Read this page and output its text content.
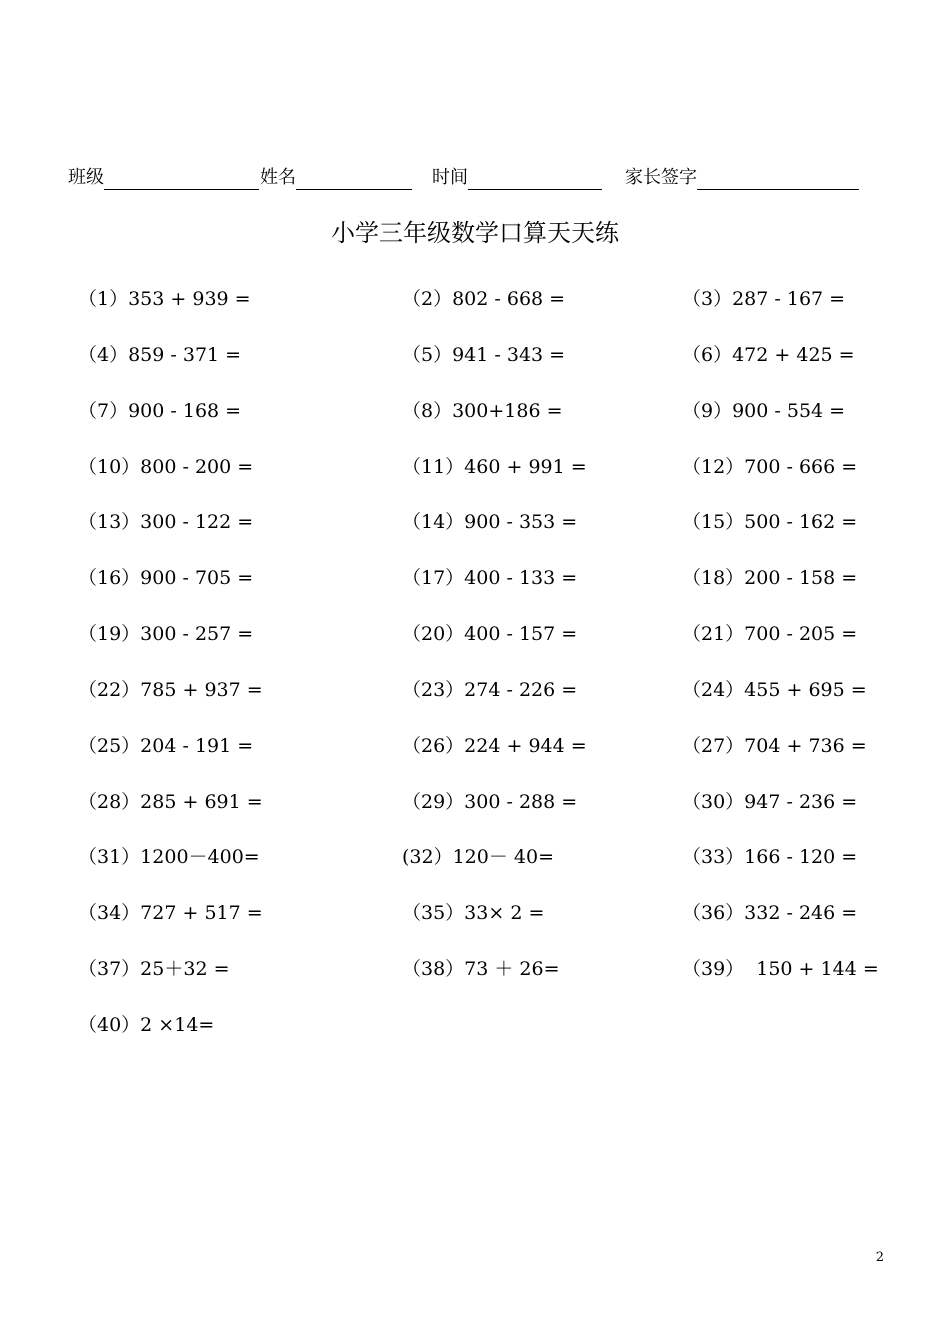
班级	姓名	时间	家长签字
小学三年级数学口算天天练
（1）353 + 939 =	（2）802 - 668 =	（3）287 - 167 =
（4）859 - 371 =	（5）941 - 343 =	（6）472 + 425 =
（7）900 - 168 =	（8）300+186 =	（9）900 - 554 =
（10）800 - 200 =	（11）460 + 991 =	（12）700 - 666 =
（13）300 - 122 =	（14）900 - 353 =	（15）500 - 162 =
（16）900 - 705 =	（17）400 - 133 =	（18）200 - 158 =
（19）300 - 257 =	（20）400 - 157 =	（21）700 - 205 =
（22）785 + 937 =	（23）274 - 226 =	（24）455 + 695 =
（25）204 - 191 =	（26）224 + 944 =	（27）704 + 736 =
（28）285 + 691 =	（29）300 - 288 =	（30）947 - 236 =
（31）1200－400=	(32）120－ 40=	（33）166 - 120 =
（34）727 + 517 =	（35）33× 2 =	（36）332 - 246 =
（37）25＋32 =	（38）73 ＋ 26=	（39）  150 + 144 =
（40）2 ×14=
2
